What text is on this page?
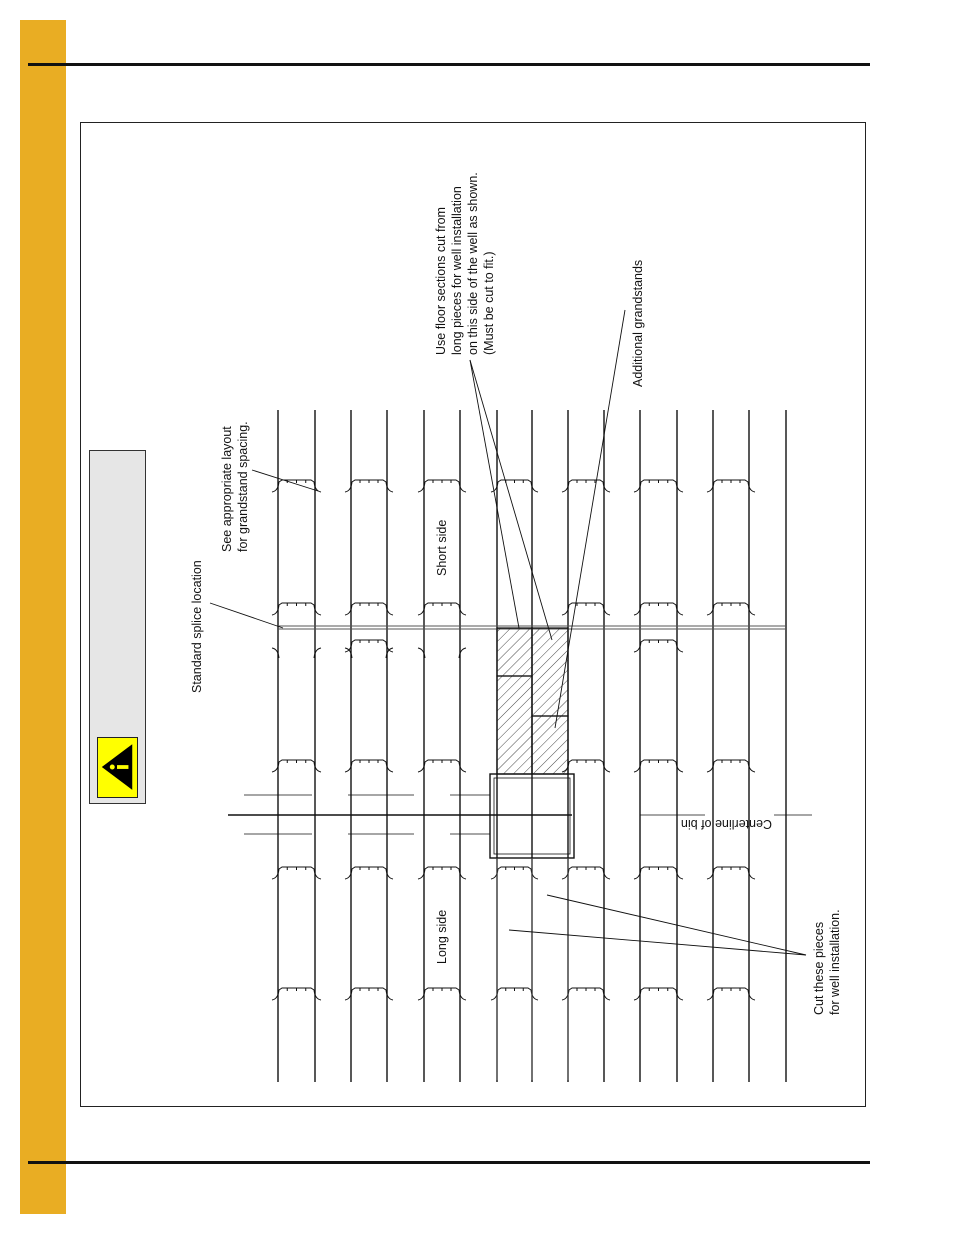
Use floor sections cut from long pieces for well installation on this side of the well as shown. (Must be cut to fit.)	Additional grandstands
See appropriate layout for grandstand spacing.
Standard splice location
Short side
Long side
Centerline of bin
Cut these pieces for well installation.
